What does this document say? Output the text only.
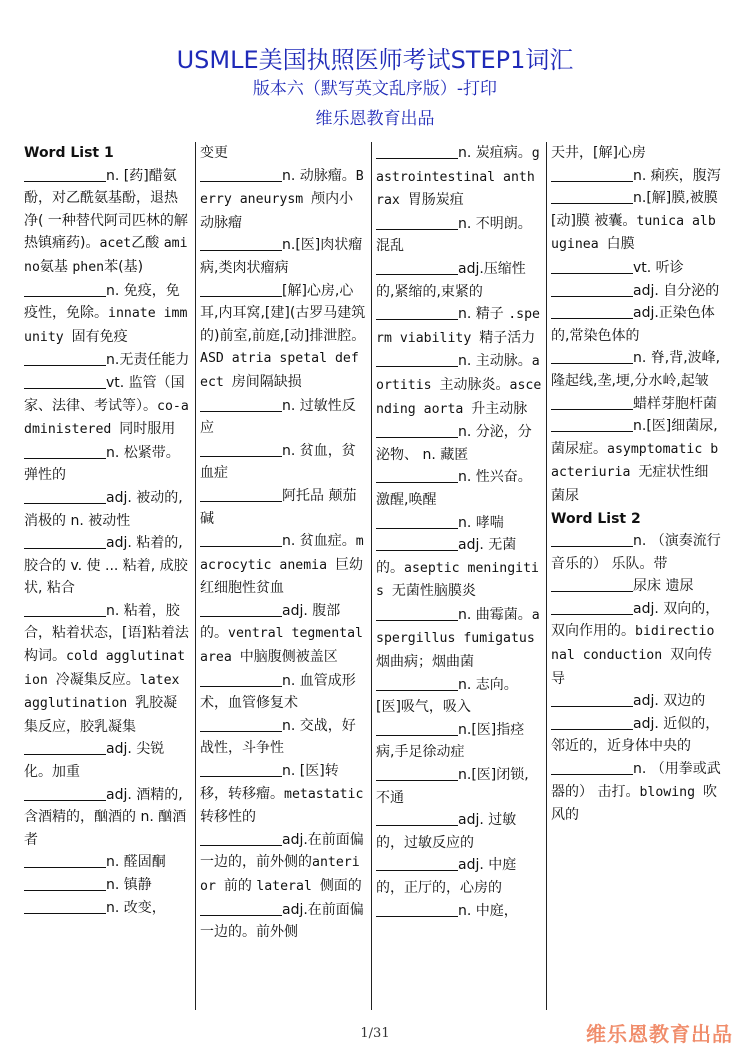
USMLE美国执照医师考试STEP1词汇
版本六（默写英文乱序版）-打印
维乐恩教育出品
Word List 1
n. [药]醋氨酚，对乙酰氨基酚，退热净( 一种替代阿司匹林的解热镇痛药)。acet乙酸 amino氨基 phen苯(基)
n. 免疫，免疫性，免除。innate immunity 固有免疫
n.无责任能力
vt. 监管（国家、法律、考试等）。co-administered 同时服用
n. 松紧带。弹性的
adj. 被动的,消极的 n. 被动性
adj. 粘着的, 胶合的 v. 使 ... 粘着, 成胶状, 粘合
n. 粘着，胶合，粘着状态，[语]粘着法构词。cold agglutination 冷凝集反应。latex agglutination 乳胶凝集反应，胶乳凝集
adj. 尖锐化。加重
adj. 酒精的,含酒精的，酗酒的 n. 酗酒者
n. 醛固酮
n. 镇静
n. 改变，
变更
n. 动脉瘤。Berry aneurysm 颅内小动脉瘤
n.[医]肉状瘤病,类肉状瘤病
[解]心房,心耳,内耳窝,[建](古罗马建筑的)前室,前庭,[动]排泄腔。ASD atria spetal defect 房间隔缺损
n. 过敏性反应
n. 贫血，贫血症
阿托品 颠茄碱
n. 贫血症。macrocytic anemia 巨幼红细胞性贫血
adj. 腹部的。ventral tegmental area 中脑腹侧被盖区
n. 血管成形术，血管修复术
n. 交战，好战性，斗争性
n. [医]转移，转移瘤。metastatic 转移性的
adj.在前面偏一边的，前外侧的anterior 前的 lateral 侧面的
adj.在前面偏一边的。前外侧
n. 炭疽病。gastrointestinal anthrax 胃肠炭疽
n. 不明朗。混乱
adj.压缩性的,紧缩的,束紧的
n. 精子 .sperm viability 精子活力
n. 主动脉。aortitis 主动脉炎。ascending aorta 升主动脉
n. 分泌，分泌物、 n. 藏匿
n. 性兴奋。激醒,唤醒
n. 哮喘
adj. 无菌的。aseptic meningitis 无菌性脑膜炎
n. 曲霉菌。aspergillus fumigatus烟曲病；烟曲菌
n. 志向。[医]吸气，吸入
n.[医]指痉病,手足徐动症
n.[医]闭锁,不通
adj. 过敏的，过敏反应的
adj. 中庭的，正厅的，心房的
n. 中庭，
天井，[解]心房
n. 痢疾，腹泻
n.[解]膜,被膜 [动]膜 被囊。tunica albuginea 白膜
vt. 听诊
adj. 自分泌的
adj.正染色体的,常染色体的
n. 脊,背,波峰,隆起线,垄,埂,分水岭,起皱
蜡样芽胞杆菌
n.[医]细菌尿,菌尿症。asymptomatic bacteriuria 无症状性细菌尿
Word List 2
n. （演奏流行音乐的） 乐队。带
尿床 遗尿
adj. 双向的，双向作用的。bidirectional conduction 双向传导
adj. 双边的
adj. 近似的，邻近的，近身体中央的
n. （用拳或武器的） 击打。blowing 吹风的
1/31	维乐恩教育出品
